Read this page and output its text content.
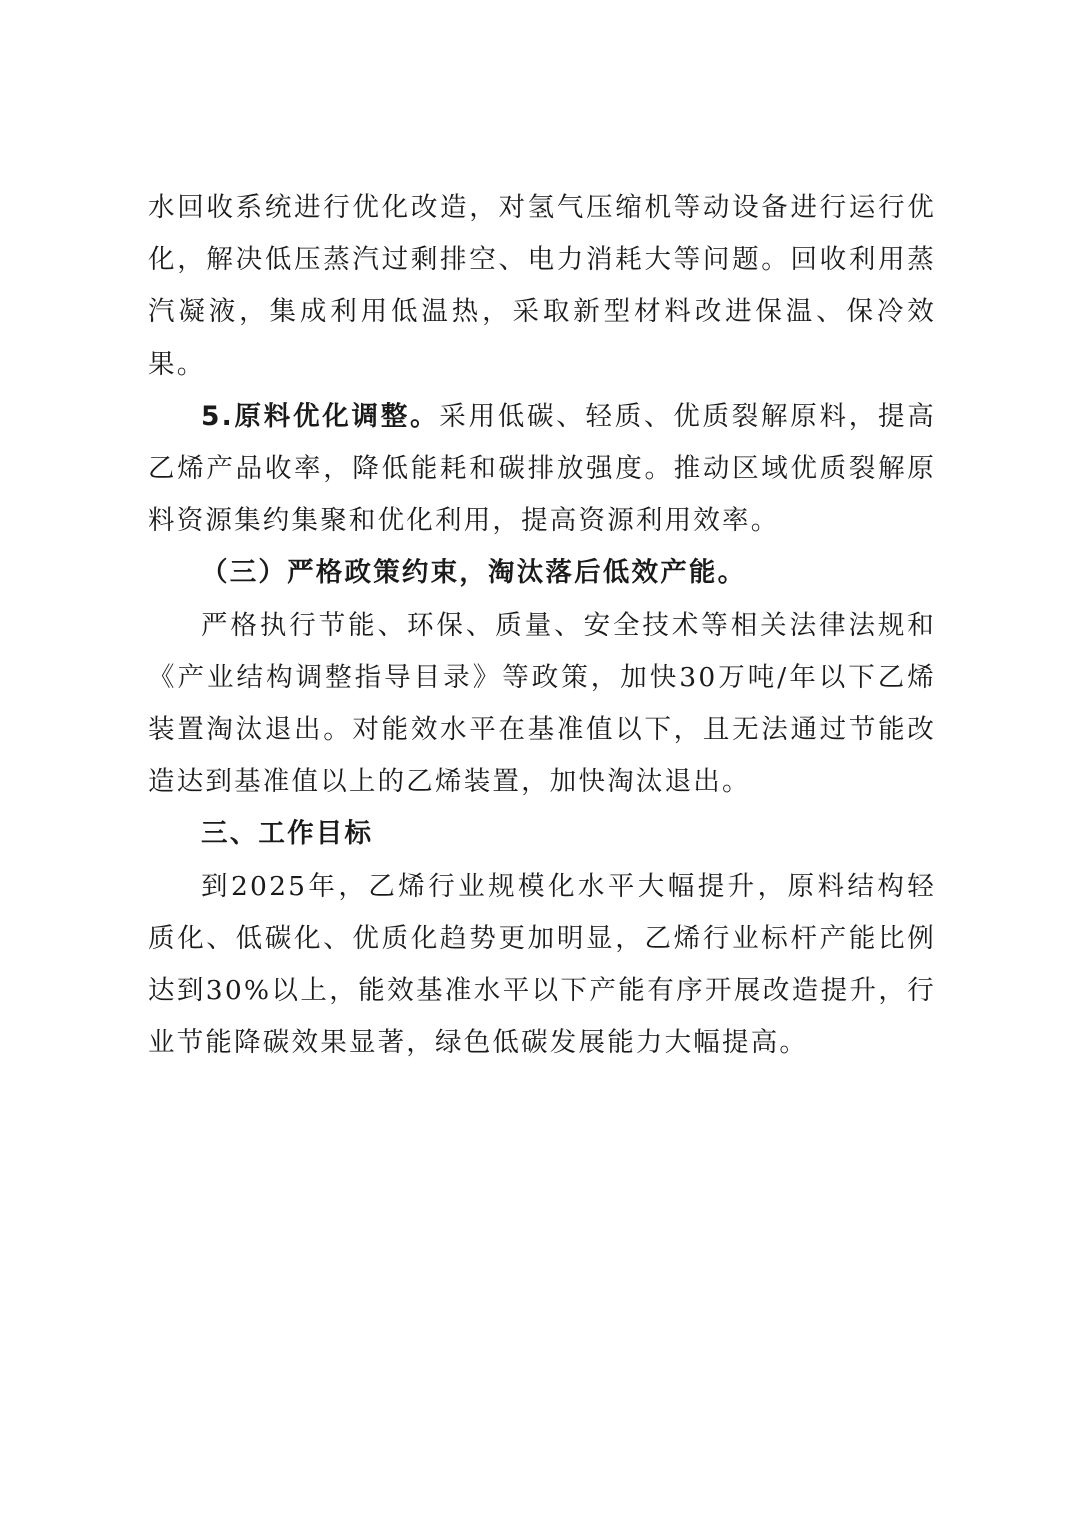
水回收系统进行优化改造，对氢气压缩机等动设备进行运行优化，解决低压蒸汽过剩排空、电力消耗大等问题。回收利用蒸汽凝液，集成利用低温热，采取新型材料改进保温、保冷效果。

5.原料优化调整。采用低碳、轻质、优质裂解原料，提高乙烯产品收率，降低能耗和碳排放强度。推动区域优质裂解原料资源集约集聚和优化利用，提高资源利用效率。

（三）严格政策约束，淘汰落后低效产能。

严格执行节能、环保、质量、安全技术等相关法律法规和《产业结构调整指导目录》等政策，加快30万吨/年以下乙烯装置淘汰退出。对能效水平在基准值以下，且无法通过节能改造达到基准值以上的乙烯装置，加快淘汰退出。

三、工作目标

到2025年，乙烯行业规模化水平大幅提升，原料结构轻质化、低碳化、优质化趋势更加明显，乙烯行业标杆产能比例达到30%以上，能效基准水平以下产能有序开展改造提升，行业节能降碳效果显著，绿色低碳发展能力大幅提高。
